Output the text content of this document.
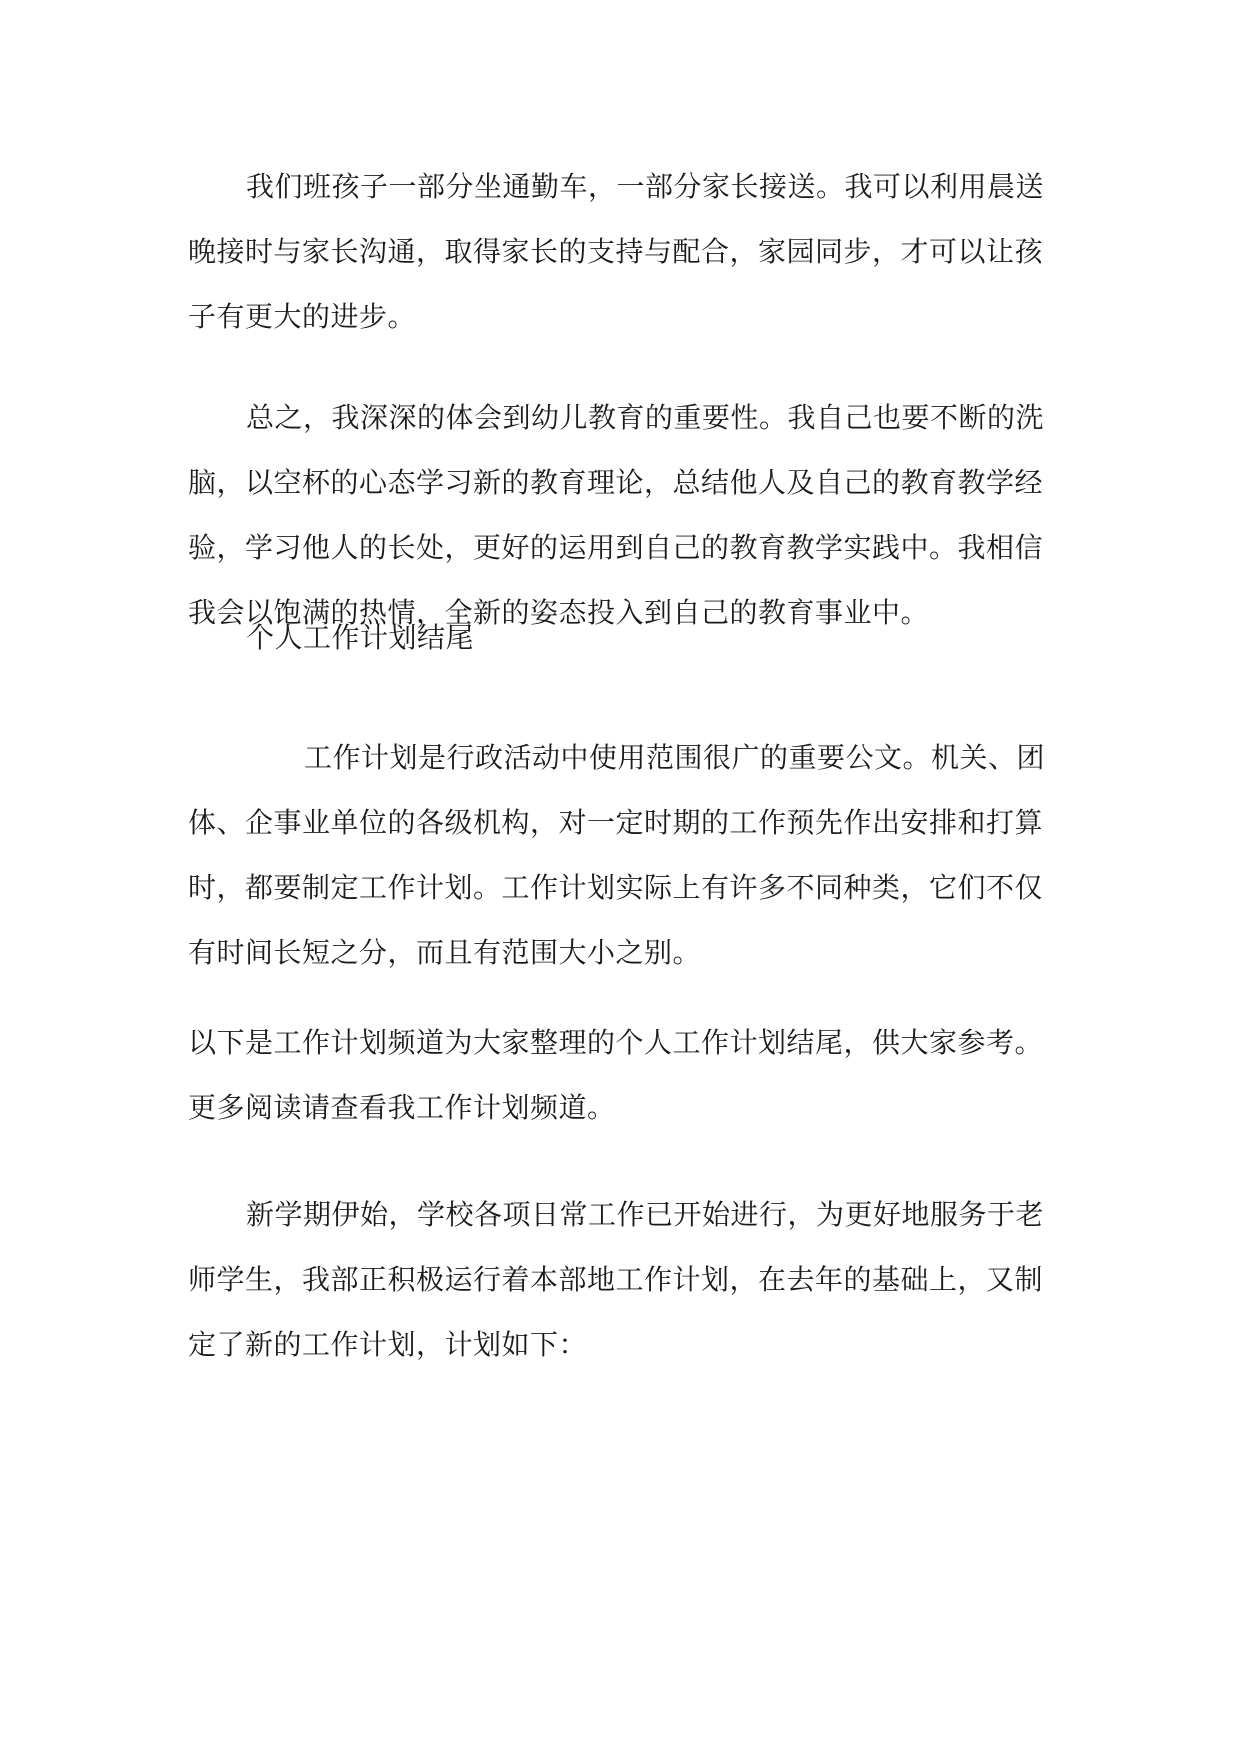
我们班孩子一部分坐通勤车，一部分家长接送。我可以利用晨送晚接时与家长沟通，取得家长的支持与配合，家园同步，才可以让孩子有更大的进步。

总之，我深深的体会到幼儿教育的重要性。我自己也要不断的洗脑，以空杯的心态学习新的教育理论，总结他人及自己的教育教学经验，学习他人的长处，更好的运用到自己的教育教学实践中。我相信我会以饱满的热情，全新的姿态投入到自己的教育事业中。

个人工作计划结尾

工作计划是行政活动中使用范围很广的重要公文。机关、团体、企事业单位的各级机构，对一定时期的工作预先作出安排和打算时，都要制定工作计划。工作计划实际上有许多不同种类，它们不仅有时间长短之分，而且有范围大小之别。

以下是工作计划频道为大家整理的个人工作计划结尾，供大家参考。更多阅读请查看我工作计划频道。

新学期伊始，学校各项日常工作已开始进行，为更好地服务于老师学生，我部正积极运行着本部地工作计划，在去年的基础上，又制定了新的工作计划，计划如下：
